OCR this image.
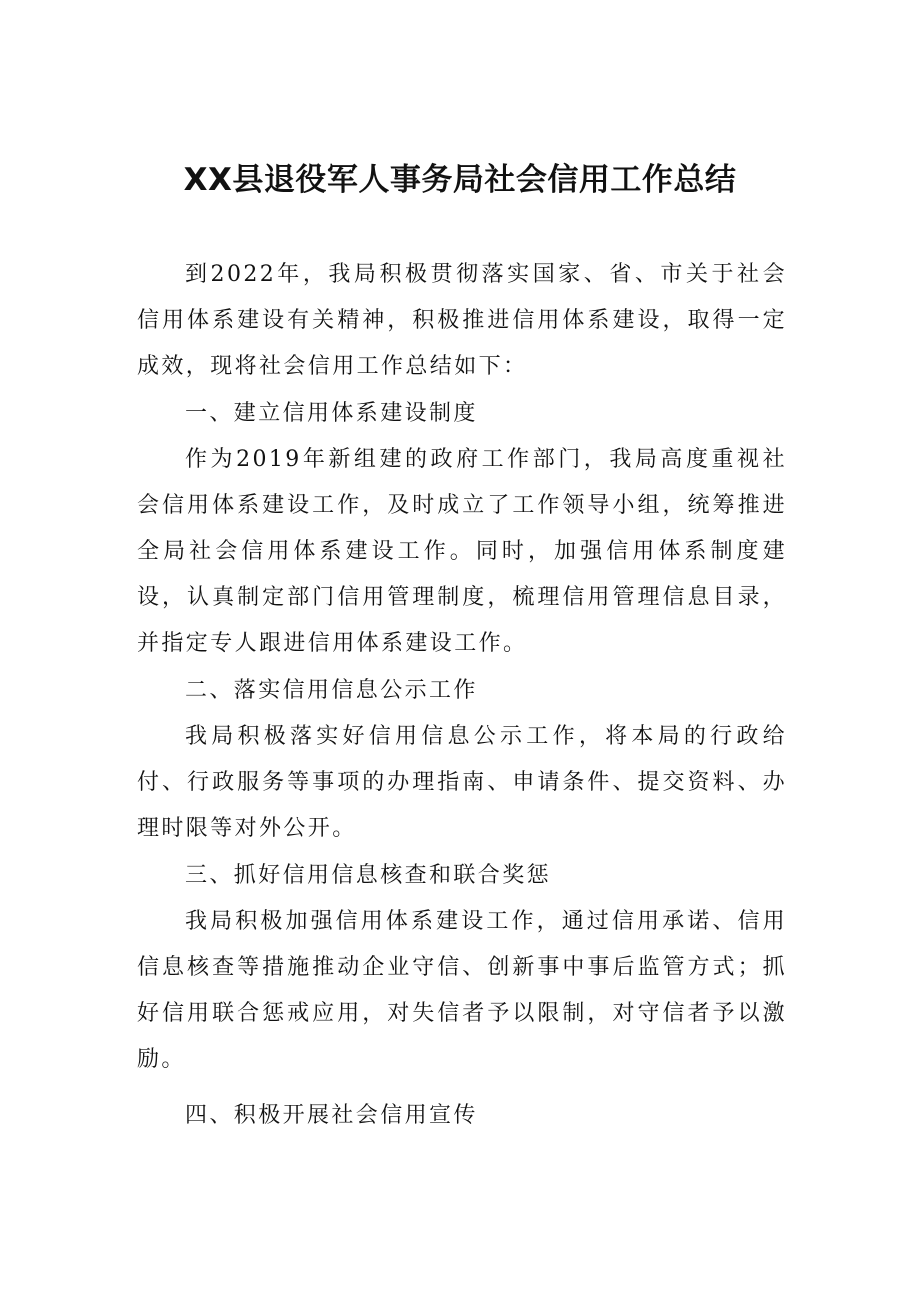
XX县退役军人事务局社会信用工作总结

到2022年，我局积极贯彻落实国家、省、市关于社会信用体系建设有关精神，积极推进信用体系建设，取得一定成效，现将社会信用工作总结如下：

一、建立信用体系建设制度

作为2019年新组建的政府工作部门，我局高度重视社会信用体系建设工作，及时成立了工作领导小组，统筹推进全局社会信用体系建设工作。同时，加强信用体系制度建设，认真制定部门信用管理制度，梳理信用管理信息目录，并指定专人跟进信用体系建设工作。

二、落实信用信息公示工作

我局积极落实好信用信息公示工作，将本局的行政给付、行政服务等事项的办理指南、申请条件、提交资料、办理时限等对外公开。

三、抓好信用信息核查和联合奖惩

我局积极加强信用体系建设工作，通过信用承诺、信用信息核查等措施推动企业守信、创新事中事后监管方式；抓好信用联合惩戒应用，对失信者予以限制，对守信者予以激励。

四、积极开展社会信用宣传
